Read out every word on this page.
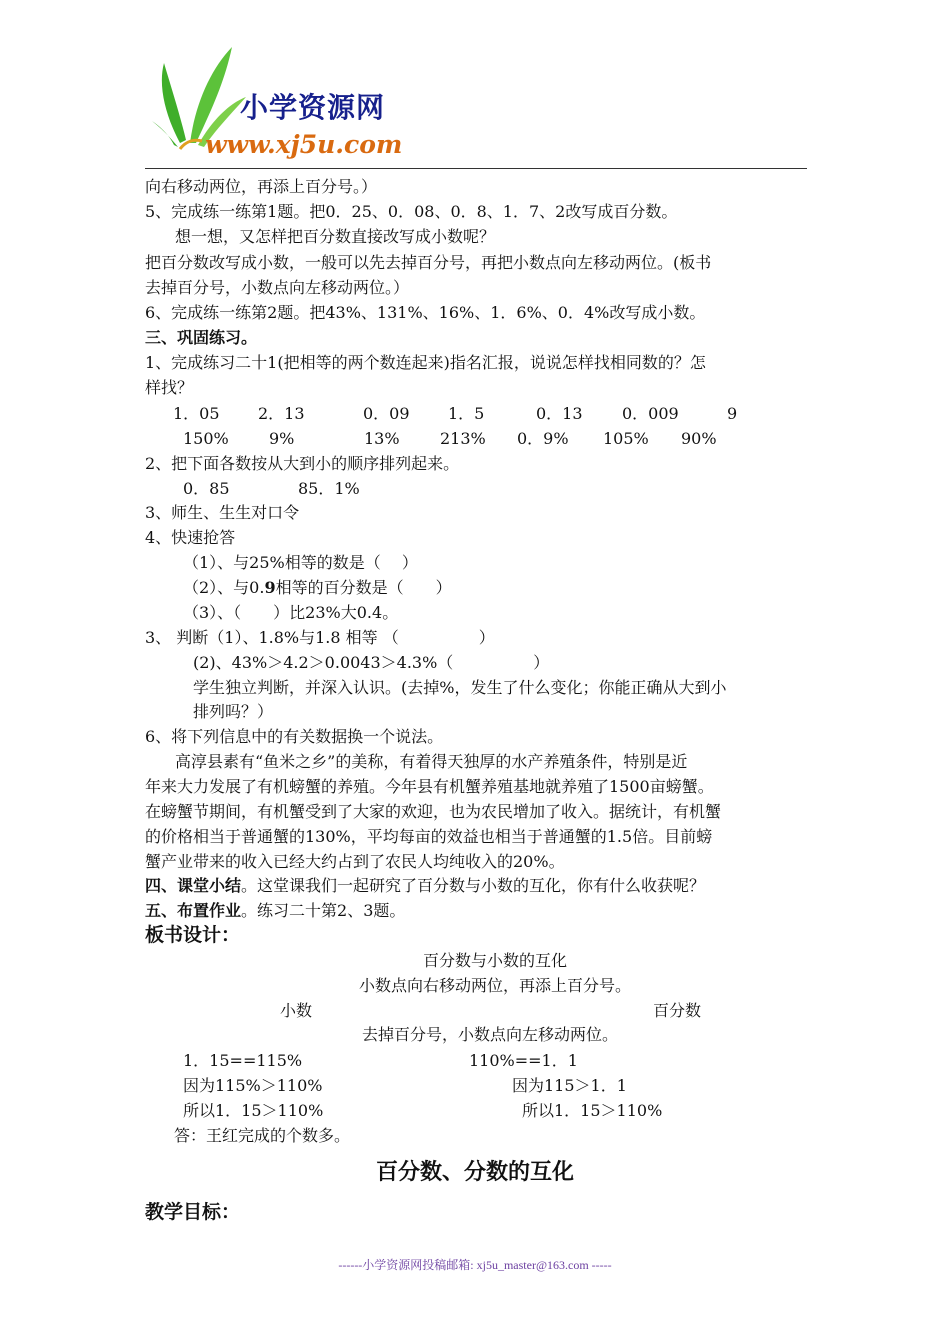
小学资源网
www.xj5u.com
向右移动两位，再添上百分号。）
5、完成练一练第1题。把0．25、0．08、0．8、1．7、2改写成百分数。
想一想，又怎样把百分数直接改写成小数呢？
把百分数改写成小数，一般可以先去掉百分号，再把小数点向左移动两位。(板书
去掉百分号，小数点向左移动两位。）
6、完成练一练第2题。把43%、131%、16%、1．6%、0．4%改写成小数。
三、巩固练习。
1、完成练习二十1(把相等的两个数连起来)指名汇报，说说怎样找相同数的？怎
样找？
1．05 2．13	0．09 1．5	0．13 0．009	9
150%	9%	13%	213% 0．9% 105% 90%
2、把下面各数按从大到小的顺序排列起来。
0．85	85．1%
3、师生、生生对口令
4、快速抢答
（1）、与25%相等的数是（　 ）
（2）、与0.9相等的百分数是（　　）
（3）、（　　）比23%大0.4。
3、 判断（1）、1.8%与1.8 相等 （　　　　　）
(2)、43%＞4.2＞0.0043＞4.3%（　　　　　）
学生独立判断，并深入认识。(去掉%，发生了什么变化；你能正确从大到小
排列吗？）
6、将下列信息中的有关数据换一个说法。
高淳县素有“鱼米之乡”的美称，有着得天独厚的水产养殖条件，特别是近
年来大力发展了有机螃蟹的养殖。今年县有机蟹养殖基地就养殖了1500亩螃蟹。
在螃蟹节期间，有机蟹受到了大家的欢迎，也为农民增加了收入。据统计，有机蟹
的价格相当于普通蟹的130%，平均每亩的效益也相当于普通蟹的1.5倍。目前螃
蟹产业带来的收入已经大约占到了农民人均纯收入的20%。
四、课堂小结。这堂课我们一起研究了百分数与小数的互化，你有什么收获呢？
五、布置作业。练习二十第2、3题。
板书设计：
百分数与小数的互化
小数点向右移动两位，再添上百分号。
小数	百分数
去掉百分号，小数点向左移动两位。
1．15==115%	110%==1．1
因为115%＞110%	因为115＞1．1
所以1．15＞110%	所以1．15＞110%
答：王红完成的个数多。
百分数、分数的互化
教学目标：
------小学资源网投稿邮箱: xj5u_master@163.com -----
